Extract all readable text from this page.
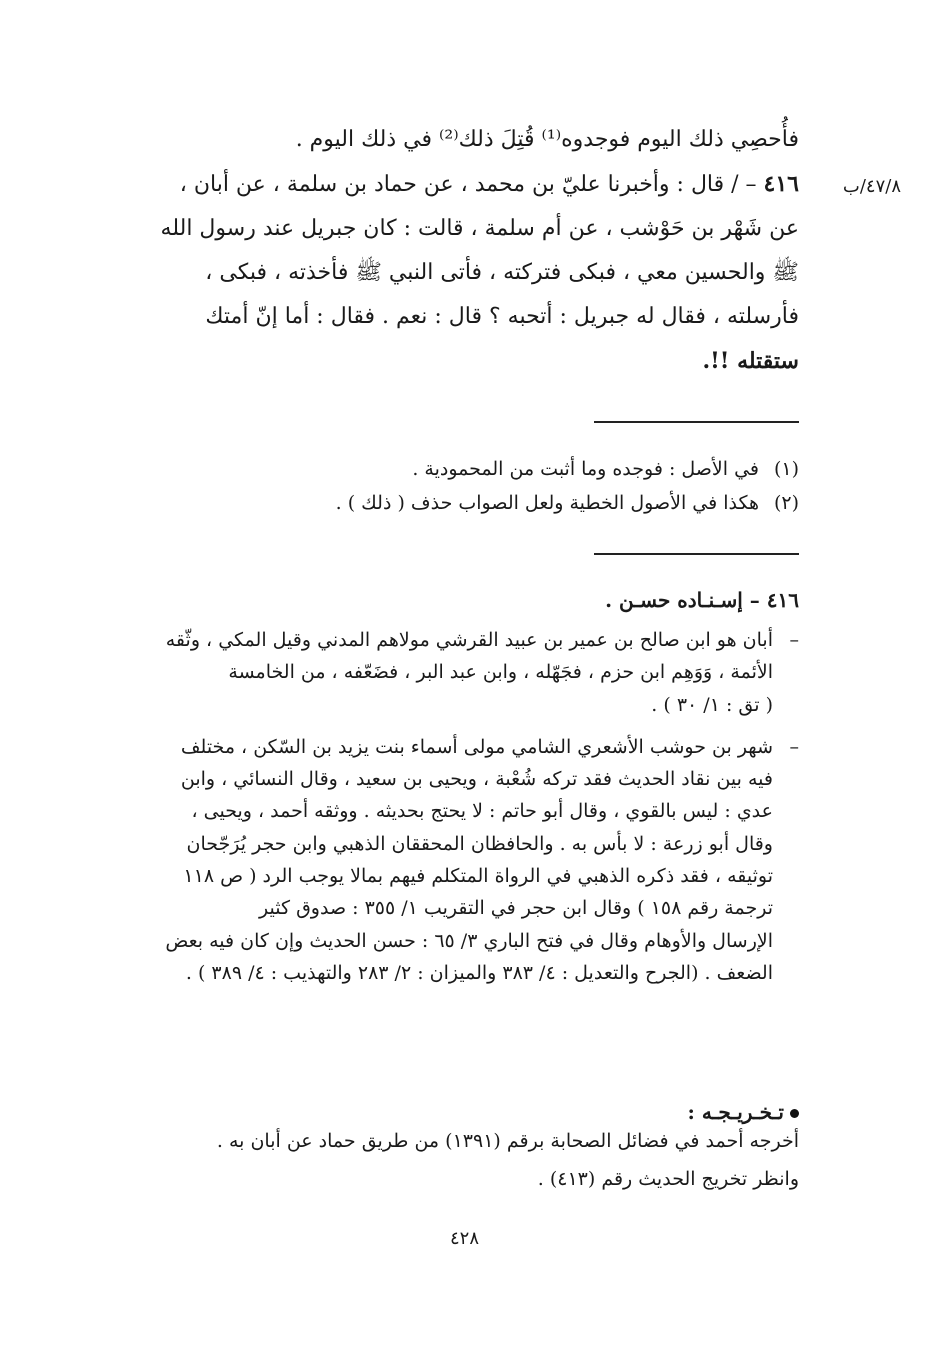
فأُحصِي ذلك اليوم فوجدوه⁽¹⁾ قُتِلَ ذلك⁽²⁾ في ذلك اليوم .
٤١٦ – / قال : وأخبرنا عليّ بن محمد ، عن حماد بن سلمة ، عن أبان ،
عن شَهْر بن حَوْشب ، عن أم سلمة ، قالت : كان جبريل عند رسول الله
ﷺ والحسين معي ، فبكى فتركته ، فأتى النبي ﷺ فأخذته ، فبكى ،
فأرسلته ، فقال له جبريل : أتحبه ؟ قال : نعم . فقال : أما إنّ أمتك
ستقتله !!.
٤٧/٨/ب
(١)في الأصل : فوجده وما أثبت من المحمودية .
(٢)هكذا في الأصول الخطية ولعل الصواب حذف ( ذلك ) .
٤١٦ – إسـنـاده حسـن .
–
أبان هو ابن صالح بن عمير بن عبيد القرشي مولاهم المدني وقيل المكي ، وثّقه
الأئمة ، وَوَهِم ابن حزم ، فجَهّله ، وابن عبد البر ، فضَعّفه ، من الخامسة
( تق : ١/ ٣٠ ) .
–
شهر بن حوشب الأشعري الشامي مولى أسماء بنت يزيد بن السّكن ، مختلف
فيه بين نقاد الحديث فقد تركه شُعْبة ، ويحيى بن سعيد ، وقال النسائي ، وابن
عدي : ليس بالقوي ، وقال أبو حاتم : لا يحتج بحديثه . ووثقه أحمد ، ويحيى ،
وقال أبو زرعة : لا بأس به . والحافظان المحققان الذهبي وابن حجر يُرَجّحان
توثيقه ، فقد ذكره الذهبي في الرواة المتكلم فيهم بمالا يوجب الرد ( ص ١١٨
ترجمة رقم ١٥٨ ) وقال ابن حجر في التقريب ١/ ٣٥٥ : صدوق كثير
الإرسال والأوهام وقال في فتح الباري ٣/ ٦٥ : حسن الحديث وإن كان فيه بعض
الضعف . (الجرح والتعديل : ٤/ ٣٨٣ والميزان : ٢/ ٢٨٣ والتهذيب : ٤/ ٣٨٩ ) .
تـخـريـجـه :
أخرجه أحمد في فضائل الصحابة برقم (١٣٩١) من طريق حماد عن أبان به .
وانظر تخريج الحديث رقم (٤١٣) .
٤٢٨
